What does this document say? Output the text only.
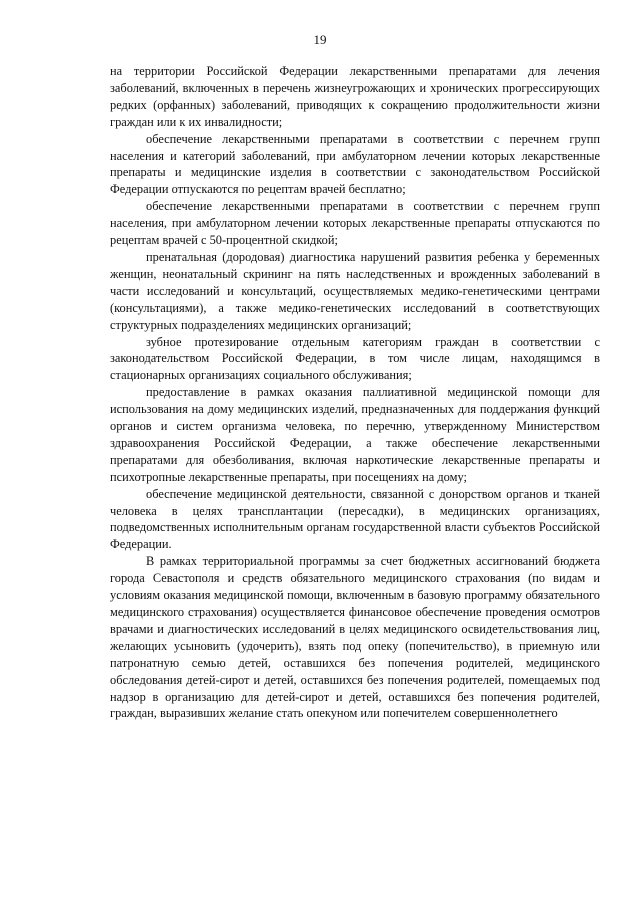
19

на территории Российской Федерации лекарственными препаратами для лечения заболеваний, включенных в перечень жизнеугрожающих и хронических прогрессирующих редких (орфанных) заболеваний, приводящих к сокращению продолжительности жизни граждан или к их инвалидности;

обеспечение лекарственными препаратами в соответствии с перечнем групп населения и категорий заболеваний, при амбулаторном лечении которых лекарственные препараты и медицинские изделия в соответствии с законодательством Российской Федерации отпускаются по рецептам врачей бесплатно;

обеспечение лекарственными препаратами в соответствии с перечнем групп населения, при амбулаторном лечении которых лекарственные препараты отпускаются по рецептам врачей с 50-процентной скидкой;

пренатальная (дородовая) диагностика нарушений развития ребенка у беременных женщин, неонатальный скрининг на пять наследственных и врожденных заболеваний в части исследований и консультаций, осуществляемых медико-генетическими центрами (консультациями), а также медико-генетических исследований в соответствующих структурных подразделениях медицинских организаций;

зубное протезирование отдельным категориям граждан в соответствии с законодательством Российской Федерации, в том числе лицам, находящимся в стационарных организациях социального обслуживания;

предоставление в рамках оказания паллиативной медицинской помощи для использования на дому медицинских изделий, предназначенных для поддержания функций органов и систем организма человека, по перечню, утвержденному Министерством здравоохранения Российской Федерации, а также обеспечение лекарственными препаратами для обезболивания, включая наркотические лекарственные препараты и психотропные лекарственные препараты, при посещениях на дому;

обеспечение медицинской деятельности, связанной с донорством органов и тканей человека в целях трансплантации (пересадки), в медицинских организациях, подведомственных исполнительным органам государственной власти субъектов Российской Федерации.

В рамках территориальной программы за счет бюджетных ассигнований бюджета города Севастополя и средств обязательного медицинского страхования (по видам и условиям оказания медицинской помощи, включенным в базовую программу обязательного медицинского страхования) осуществляется финансовое обеспечение проведения осмотров врачами и диагностических исследований в целях медицинского освидетельствования лиц, желающих усыновить (удочерить), взять под опеку (попечительство), в приемную или патронатную семью детей, оставшихся без попечения родителей, медицинского обследования детей-сирот и детей, оставшихся без попечения родителей, помещаемых под надзор в организацию для детей-сирот и детей, оставшихся без попечения родителей, граждан, выразивших желание стать опекуном или попечителем совершеннолетнего
